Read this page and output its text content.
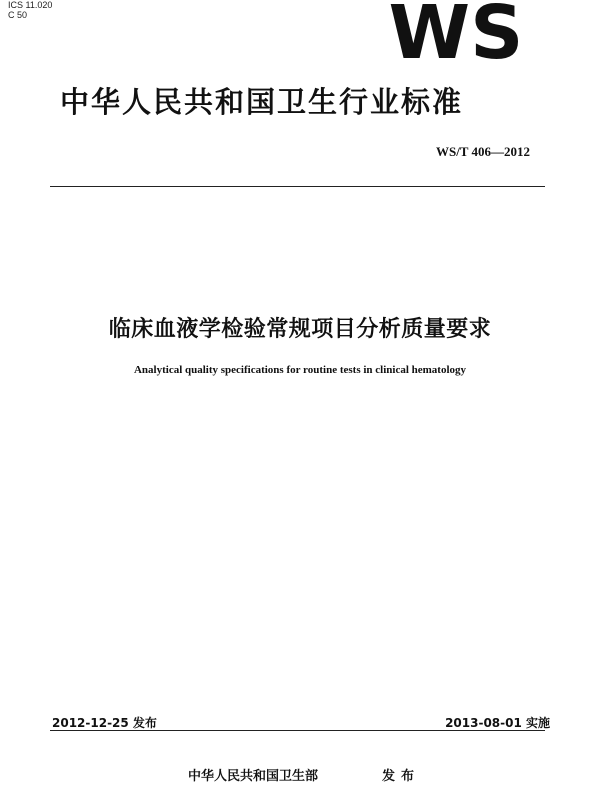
ICS 11.020
C 50	WS
中华人民共和国卫生行业标准
WS/T 406—2012
临床血液学检验常规项目分析质量要求
Analytical quality specifications for routine tests in clinical hematology
2012-12-25 发布	2013-08-01 实施
中华人民共和国卫生部	发布
